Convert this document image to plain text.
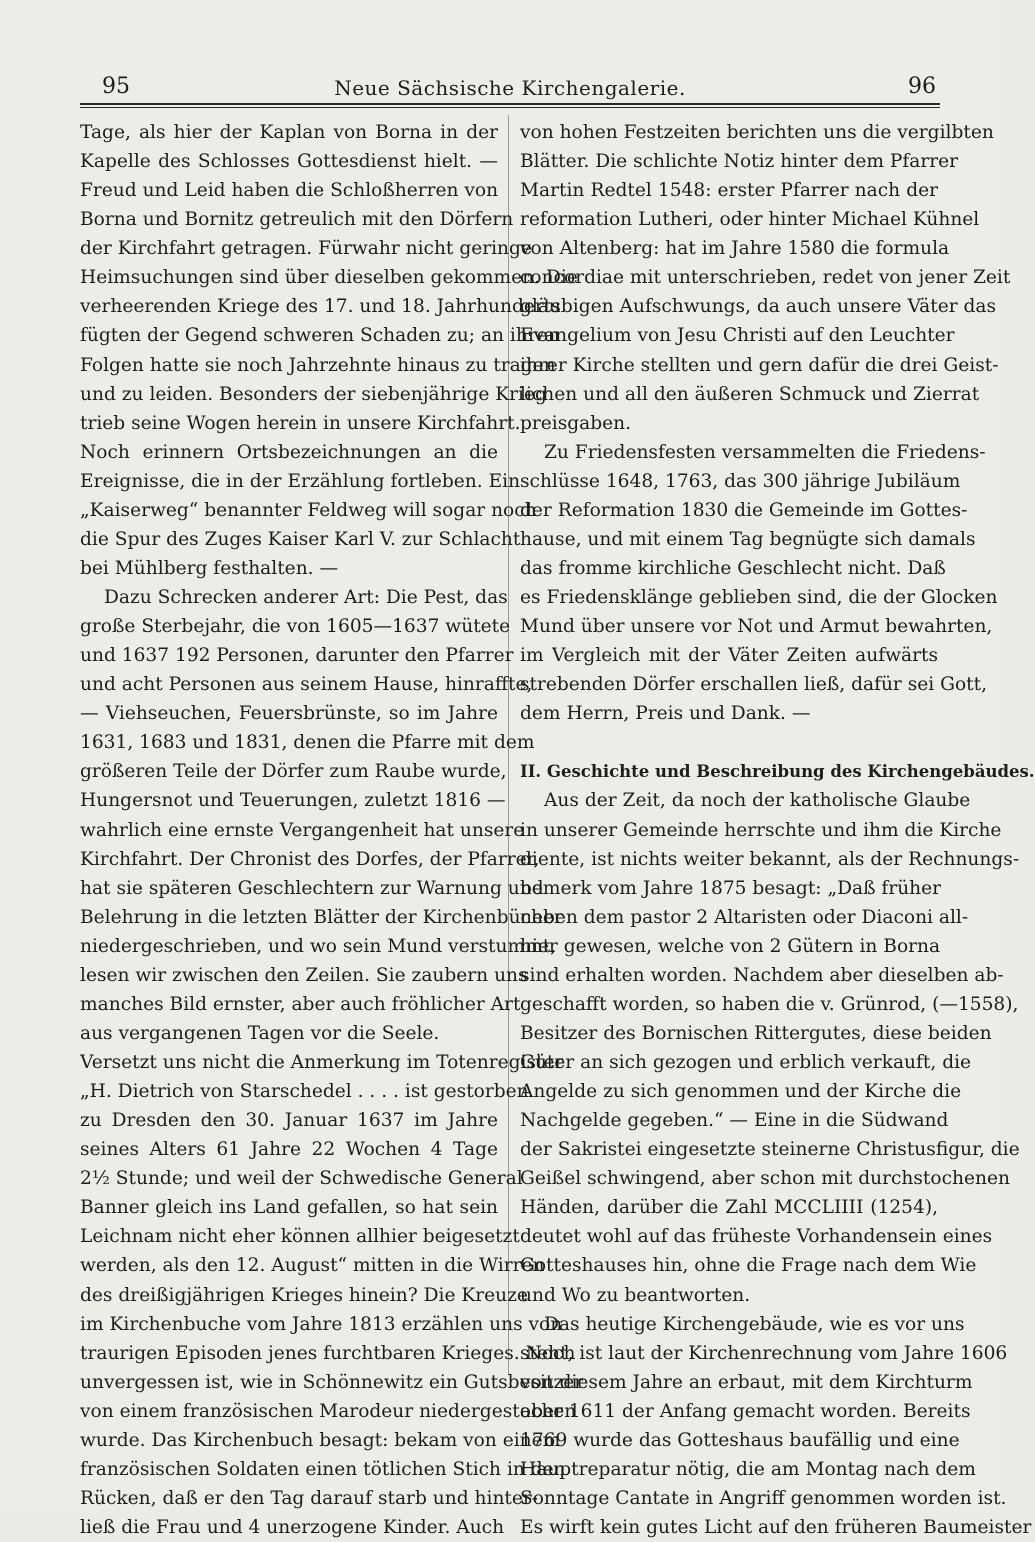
95	Neue Sächsische Kirchengalerie.	96
Tage, als hier der Kaplan von Borna in der
Kapelle des Schlosses Gottesdienst hielt. —
Freud und Leid haben die Schloßherren von
Borna und Bornitz getreulich mit den Dörfern
der Kirchfahrt getragen. Fürwahr nicht geringe
Heimsuchungen sind über dieselben gekommen. Die
verheerenden Kriege des 17. und 18. Jahrhunderts
fügten der Gegend schweren Schaden zu; an ihren
Folgen hatte sie noch Jahrzehnte hinaus zu tragen
und zu leiden. Besonders der siebenjährige Krieg
trieb seine Wogen herein in unsere Kirchfahrt.
Noch erinnern Ortsbezeichnungen an die
Ereignisse, die in der Erzählung fortleben. Ein
„Kaiserweg“ benannter Feldweg will sogar noch
die Spur des Zuges Kaiser Karl V. zur Schlacht
bei Mühlberg festhalten. —
Dazu Schrecken anderer Art: Die Pest, das
große Sterbejahr, die von 1605—1637 wütete
und 1637 192 Personen, darunter den Pfarrer
und acht Personen aus seinem Hause, hinraffte,
— Viehseuchen, Feuersbrünste, so im Jahre
1631, 1683 und 1831, denen die Pfarre mit dem
größeren Teile der Dörfer zum Raube wurde,
Hungersnot und Teuerungen, zuletzt 1816 —
wahrlich eine ernste Vergangenheit hat unsere
Kirchfahrt. Der Chronist des Dorfes, der Pfarrer,
hat sie späteren Geschlechtern zur Warnung und
Belehrung in die letzten Blätter der Kirchenbücher
niedergeschrieben, und wo sein Mund verstummt,
lesen wir zwischen den Zeilen. Sie zaubern uns
manches Bild ernster, aber auch fröhlicher Art
aus vergangenen Tagen vor die Seele.
Versetzt uns nicht die Anmerkung im Totenregister
„H. Dietrich von Starschedel . . . . ist gestorben
zu Dresden den 30. Januar 1637 im Jahre
seines Alters 61 Jahre 22 Wochen 4 Tage
2½ Stunde; und weil der Schwedische General
Banner gleich ins Land gefallen, so hat sein
Leichnam nicht eher können allhier beigesetzt
werden, als den 12. August“ mitten in die Wirren
des dreißigjährigen Krieges hinein? Die Kreuze
im Kirchenbuche vom Jahre 1813 erzählen uns von
traurigen Episoden jenes furchtbaren Krieges. Noch
unvergessen ist, wie in Schönnewitz ein Gutsbesitzer
von einem französischen Marodeur niedergestochen
wurde. Das Kirchenbuch besagt: bekam von einem
französischen Soldaten einen tötlichen Stich in den
Rücken, daß er den Tag darauf starb und hinter-
ließ die Frau und 4 unerzogene Kinder. Auch
von hohen Festzeiten berichten uns die vergilbten
Blätter. Die schlichte Notiz hinter dem Pfarrer
Martin Redtel 1548: erster Pfarrer nach der
reformation Lutheri, oder hinter Michael Kühnel
von Altenberg: hat im Jahre 1580 die formula
concordiae mit unterschrieben, redet von jener Zeit
gläubigen Aufschwungs, da auch unsere Väter das
Evangelium von Jesu Christi auf den Leuchter
ihrer Kirche stellten und gern dafür die drei Geist-
lichen und all den äußeren Schmuck und Zierrat
preisgaben.
Zu Friedensfesten versammelten die Friedens-
schlüsse 1648, 1763, das 300 jährige Jubiläum
der Reformation 1830 die Gemeinde im Gottes-
hause, und mit einem Tag begnügte sich damals
das fromme kirchliche Geschlecht nicht. Daß
es Friedensklänge geblieben sind, die der Glocken
Mund über unsere vor Not und Armut bewahrten,
im Vergleich mit der Väter Zeiten aufwärts
strebenden Dörfer erschallen ließ, dafür sei Gott,
dem Herrn, Preis und Dank. —
II. Geschichte und Beschreibung des Kirchengebäudes.
Aus der Zeit, da noch der katholische Glaube
in unserer Gemeinde herrschte und ihm die Kirche
diente, ist nichts weiter bekannt, als der Rechnungs-
bemerk vom Jahre 1875 besagt: „Daß früher
neben dem pastor 2 Altaristen oder Diaconi all-
hier gewesen, welche von 2 Gütern in Borna
sind erhalten worden. Nachdem aber dieselben ab-
geschafft worden, so haben die v. Grünrod, (—1558),
Besitzer des Bornischen Rittergutes, diese beiden
Güter an sich gezogen und erblich verkauft, die
Angelde zu sich genommen und der Kirche die
Nachgelde gegeben.“ — Eine in die Südwand
der Sakristei eingesetzte steinerne Christusfigur, die
Geißel schwingend, aber schon mit durchstochenen
Händen, darüber die Zahl MCCLIIII (1254),
deutet wohl auf das früheste Vorhandensein eines
Gotteshauses hin, ohne die Frage nach dem Wie
und Wo zu beantworten.
Das heutige Kirchengebäude, wie es vor uns
steht, ist laut der Kirchenrechnung vom Jahre 1606
von diesem Jahre an erbaut, mit dem Kirchturm
aber 1611 der Anfang gemacht worden. Bereits
1769 wurde das Gotteshaus baufällig und eine
Hauptreparatur nötig, die am Montag nach dem
Sonntage Cantate in Angriff genommen worden ist.
Es wirft kein gutes Licht auf den früheren Baumeister
